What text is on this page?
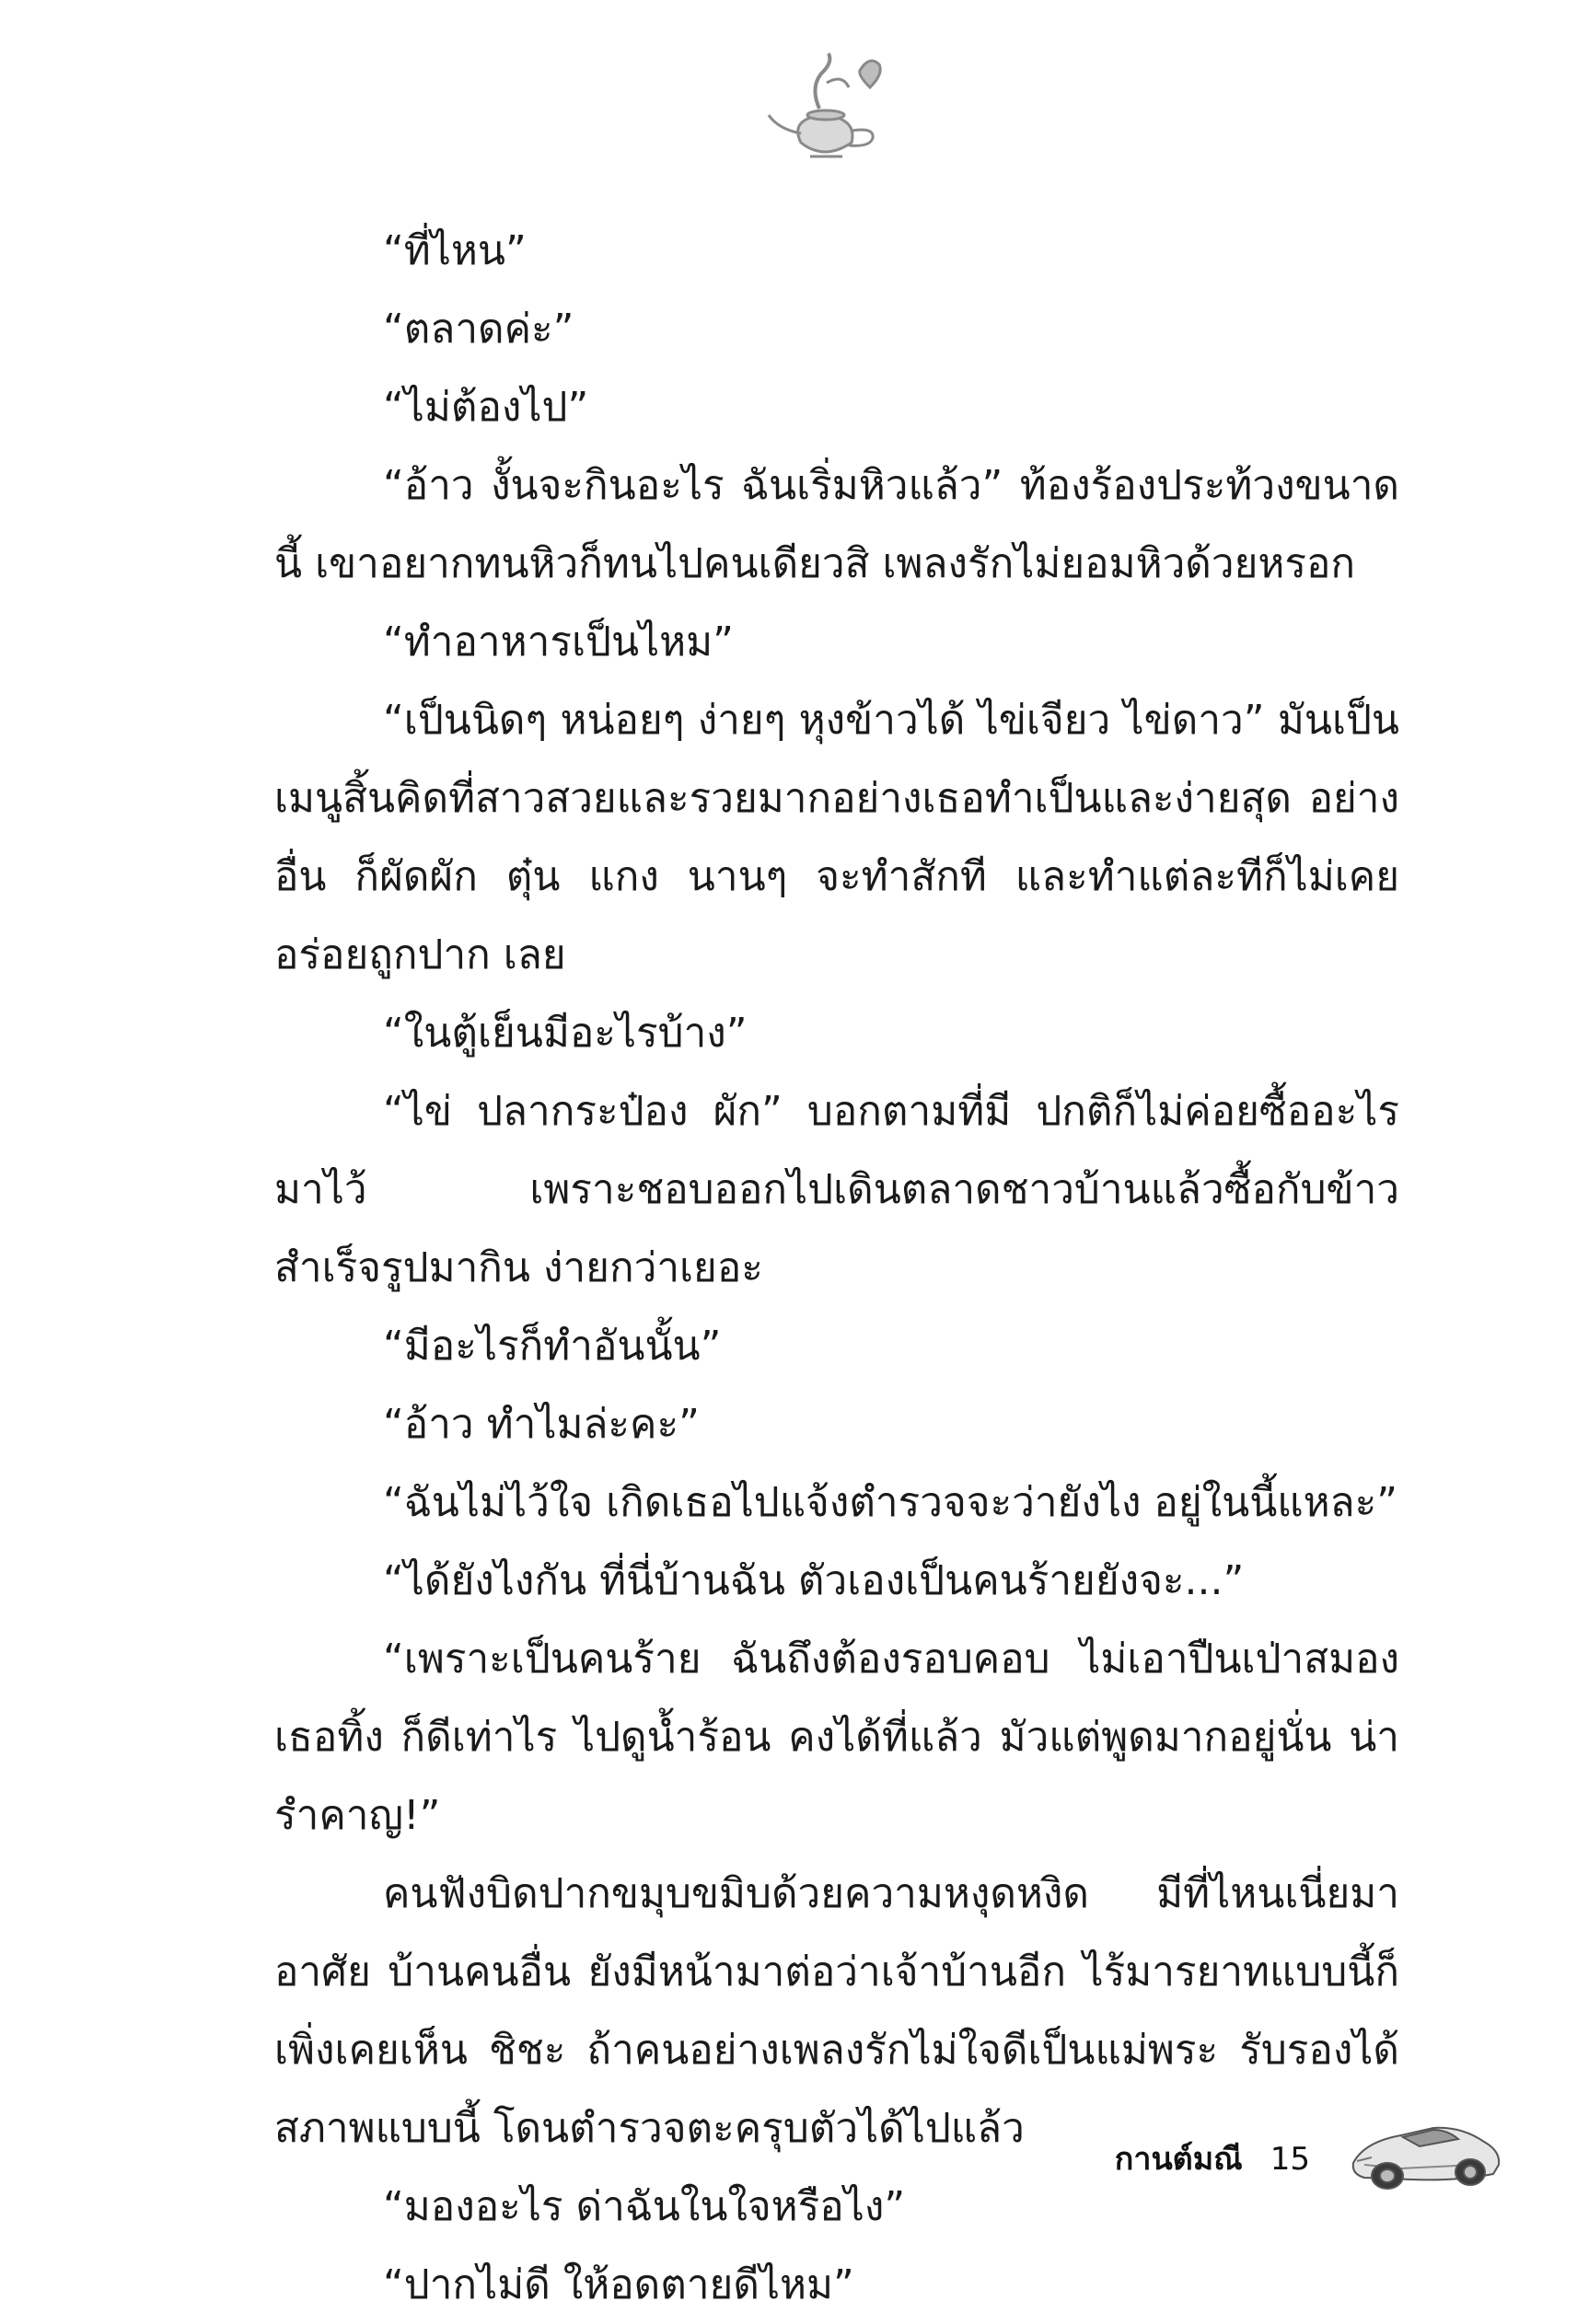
“ที่ไหน”

“ตลาดค่ะ”

“ไม่ต้องไป”

“อ้าว งั้นจะกินอะไร ฉันเริ่มหิวแล้ว” ท้องร้องประท้วงขนาดนี้ เขาอยากทนหิวก็ทนไปคนเดียวสิ เพลงรักไม่ยอมหิวด้วยหรอก

“ทำอาหารเป็นไหม”

“เป็นนิดๆ หน่อยๆ ง่ายๆ หุงข้าวได้ ไข่เจียว ไข่ดาว” มันเป็น เมนูสิ้นคิดที่สาวสวยและรวยมากอย่างเธอทำเป็นและง่ายสุด อย่างอื่น ก็ผัดผัก ตุ๋น แกง นานๆ จะทำสักที และทำแต่ละทีก็ไม่เคยอร่อยถูกปาก เลย

“ในตู้เย็นมีอะไรบ้าง”

“ไข่ ปลากระป๋อง ผัก” บอกตามที่มี ปกติก็ไม่ค่อยซื้ออะไร มาไว้ เพราะชอบออกไปเดินตลาดชาวบ้านแล้วซื้อกับข้าวสำเร็จรูปมากิน ง่ายกว่าเยอะ

“มีอะไรก็ทำอันนั้น”

“อ้าว ทำไมล่ะคะ”

“ฉันไม่ไว้ใจ เกิดเธอไปแจ้งตำรวจจะว่ายังไง อยู่ในนี้แหละ”

“ได้ยังไงกัน ที่นี่บ้านฉัน ตัวเองเป็นคนร้ายยังจะ...”

“เพราะเป็นคนร้าย ฉันถึงต้องรอบคอบ ไม่เอาปืนเป่าสมองเธอทิ้ง ก็ดีเท่าไร ไปดูน้ำร้อน คงได้ที่แล้ว มัวแต่พูดมากอยู่นั่น น่ารำคาญ!”

คนฟังบิดปากขมุบขมิบด้วยความหงุดหงิด มีที่ไหนเนี่ยมาอาศัย บ้านคนอื่น ยังมีหน้ามาต่อว่าเจ้าบ้านอีก ไร้มารยาทแบบนี้ก็เพิ่งเคยเห็น ชิชะ ถ้าคนอย่างเพลงรักไม่ใจดีเป็นแม่พระ รับรองได้ สภาพแบบนี้ โดนตำรวจตะครุบตัวได้ไปแล้ว

“มองอะไร ด่าฉันในใจหรือไง”

“ปากไม่ดี ให้อดตายดีไหม”

กานต์มณี 15
